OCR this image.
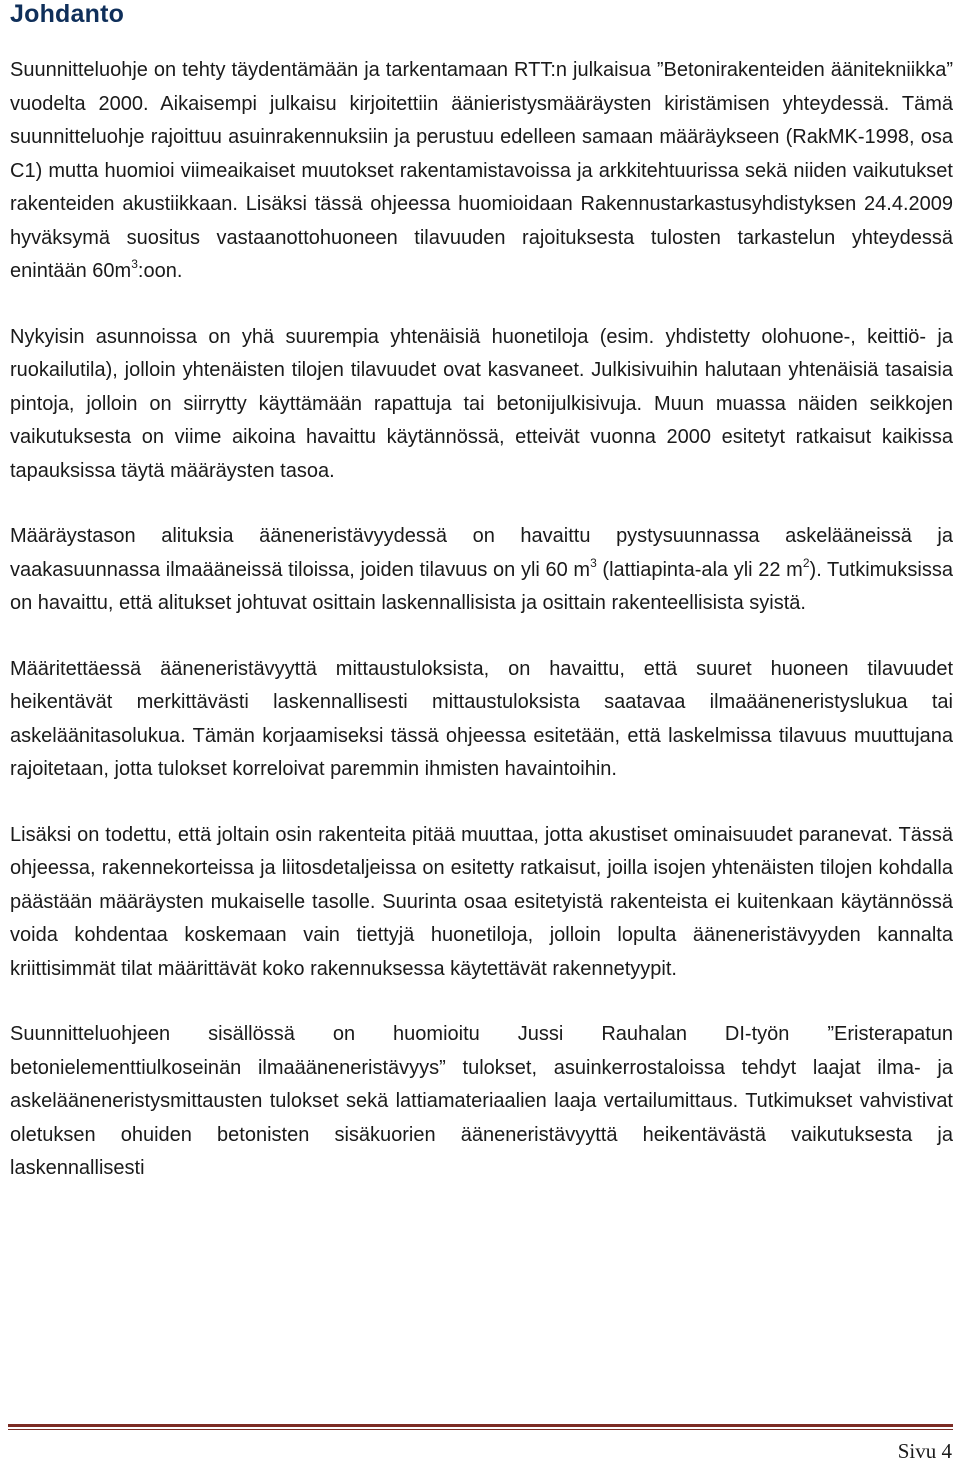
Johdanto

Suunnitteluohje on tehty täydentämään ja tarkentamaan RTT:n julkaisua ”Betonirakenteiden äänitekniikka” vuodelta 2000. Aikaisempi julkaisu kirjoitettiin äänieristysmääräysten kiristämisen yhteydessä. Tämä suunnitteluohje rajoittuu asuinrakennuksiin ja perustuu edelleen samaan määräykseen (RakMK-1998, osa C1) mutta huomioi viimeaikaiset muutokset rakentamistavoissa ja arkkitehtuurissa sekä niiden vaikutukset rakenteiden akustiikkaan. Lisäksi tässä ohjeessa huomioidaan Rakennustarkastusyhdistyksen 24.4.2009 hyväksymä suositus vastaanottohuoneen tilavuuden rajoituksesta tulosten tarkastelun yhteydessä enintään $60m^3:oon$.

Nykyisin asunnoissa on yhä suurempia yhtenäisiä huonetiloja (esim. yhdistetty olohuone-, keittiö- ja ruokailutila), jolloin yhtenäisten tilojen tilavuudet ovat kasvaneet. Julkisivuihin halutaan yhtenäisiä tasaisia pintoja, jolloin on siirrytty käyttämään rapattuja tai betonijulkisivuja. Muun muassa näiden seikkojen vaikutuksesta on viime aikoina havaittu käytännössä, etteivät vuonna 2000 esitetyt ratkaisut kaikissa tapauksissa täytä määräysten tasoa.

Määräystason alituksia ääneneristävyydessä on havaittu pystysuunnassa askelääneissä ja vaakasuunnassa ilmaääneissä tiloissa, joiden tilavuus on yli 60 $m^3$ (lattiapinta-ala yli 22 $m^2$). Tutkimuksissa on havaittu, että alitukset johtuvat osittain laskennallisista ja osittain rakenteellisista syistä.

Määritettäessä ääneneristävyyttä mittaustuloksista, on havaittu, että suuret huoneen tilavuudet heikentävät merkittävästi laskennallisesti mittaustuloksista saatavaa ilmaääneneristyslukua tai askeläänitasolukua. Tämän korjaamiseksi tässä ohjeessa esitetään, että laskelmissa tilavuus muuttujana rajoitetaan, jotta tulokset korreloivat paremmin ihmisten havaintoihin.

Lisäksi on todettu, että joltain osin rakenteita pitää muuttaa, jotta akustiset ominaisuudet paranevat. Tässä ohjeessa, rakennekorteissa ja liitosdetaljeissa on esitetty ratkaisut, joilla isojen yhtenäisten tilojen kohdalla päästään määräysten mukaiselle tasolle. Suurinta osaa esitetyistä rakenteista ei kuitenkaan käytännössä voida kohdentaa koskemaan vain tiettyjä huonetiloja, jolloin lopulta ääneneristävyyden kannalta kriittisimmät tilat määrittävät koko rakennuksessa käytettävät rakennetyypit.

Suunnitteluohjeen sisällössä on huomioitu Jussi Rauhalan DI-työn ”Eristerapatun betonielementtiulkoseinän ilmaääneneristävyys” tulokset, asuinkerrostaloissa tehdyt laajat ilma- ja askelääneneristysmittausten tulokset sekä lattiamateriaalien laaja vertailumittaus. Tutkimukset vahvistivat oletuksen ohuiden betonisten sisäkuorien ääneneristävyyttä heikentävästä vaikutuksesta ja laskennallisesti

Sivu 4
